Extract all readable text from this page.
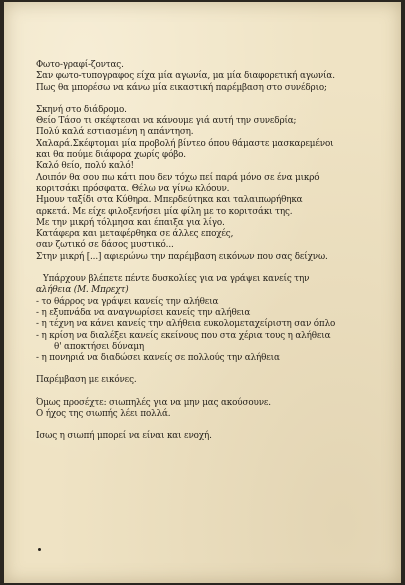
Φωτο-γραφί-ζοντας.
Σαν φωτο-τυπογραφος είχα μία αγωνία, μα μία διαφορετική αγωνία.
Πως θα μπορέσω να κάνω μία εικαστική παρέμβαση στο συνέδριο;
Σκηνή στο διάδρομο.
Θείο Τάσο τι σκέφτεσαι να κάνουμε γιά αυτή την συνεδρία;
Πολύ καλά εστιασμένη η απάντηση.
Χαλαρά.Σκέφτομαι μία προβολή βίντεο όπου θάμαστε μασκαρεμένοι
και θα πούμε διάφορα χωρίς φόβο.
Καλό θείο, πολύ καλό!
Λοιπόν θα σου πω κάτι που δεν τόχω πεί παρά μόνο σε ένα μικρό
κοριτσάκι πρόσφατα. Θέλω να γίνω κλόουν.
Ημουν ταξίδι στα Κύθηρα. Μπερδεύτηκα και ταλαιπωρήθηκα
αρκετά. Με είχε φιλοξενήσει μία φίλη με το κοριτσάκι της.
Με την μικρή τόλμησα και έπαιξα για λίγο.
Κατάφερα και μεταφέρθηκα σε άλλες εποχές,
σαν ζωτικό σε δάσος μυστικό...
Στην μικρή [...] αφιερώνω την παρέμβαση εικόνων που σας δείχνω.
Υπάρχουν βλέπετε πέντε δυσκολίες για να γράψει κανείς την
αλήθεια (Μ. Μπρεχτ)
- το θάρρος να γράψει κανείς την αλήθεια
- η εξυπνάδα να αναγνωρίσει κανείς την αλήθεια
- η τέχνη να κάνει κανείς την αλήθεια ευκολομεταχείριστη σαν όπλο
- η κρίση να διαλέξει κανείς εκείνους που στα χέρια τους η αλήθεια
θ' αποκτήσει δύναμη
- η πονηριά να διαδώσει κανείς σε πολλούς την αλήθεια
Παρέμβαση με εικόνες.
Όμως προσέχτε: σιωπηλές για να μην μας ακούσουνε.
Ο ήχος της σιωπής λέει πολλά.
Ισως η σιωπή μπορεί να είναι και ενοχή.
